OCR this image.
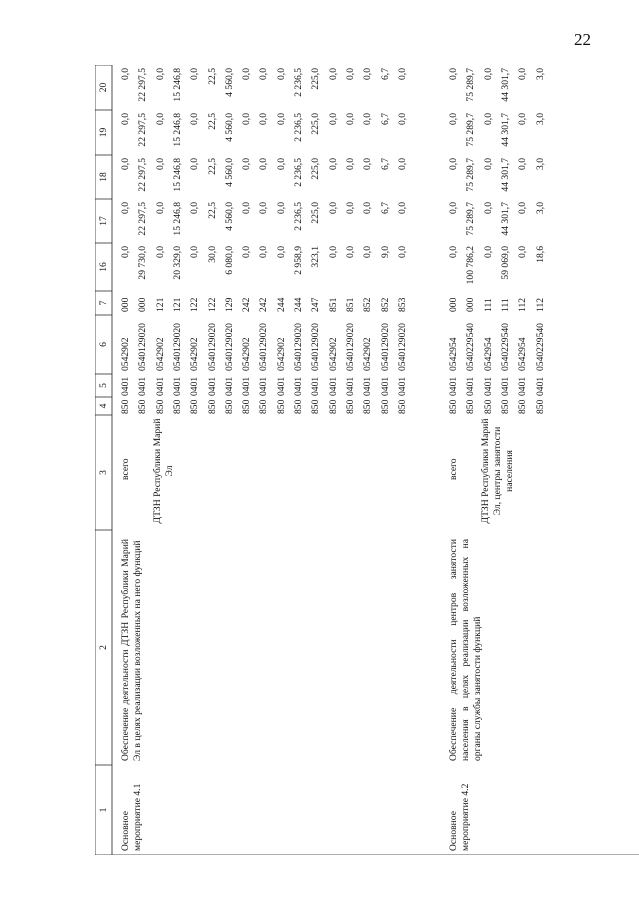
22
1
2
3
4
5
6
7
16
17
18
19
20
Основное мероприятие 4.1
Обеспечение деятельности ДТЗН Республики Марий Эл в целях реализации возложенных на него функций
всего ДТЗН Республики Марий Эл
850
0401
0542902
000
0,0
0,0
0,0
0,0
0,0
850
0401
0540129020
000
29 730,0
22 297,5
22 297,5
22 297,5
22 297,5
850
0401
0542902
121
0,0
0,0
0,0
0,0
0,0
850
0401
0540129020
121
20 329,0
15 246,8
15 246,8
15 246,8
15 246,8
850
0401
0542902
122
0,0
0,0
0,0
0,0
0,0
850
0401
0540129020
122
30,0
22,5
22,5
22,5
22,5
850
0401
0540129020
129
6 080,0
4 560,0
4 560,0
4 560,0
4 560,0
850
0401
0542902
242
0,0
0,0
0,0
0,0
0,0
850
0401
0540129020
242
0,0
0,0
0,0
0,0
0,0
850
0401
0542902
244
0,0
0,0
0,0
0,0
0,0
850
0401
0540129020
244
2 958,9
2 236,5
2 236,5
2 236,5
2 236,5
850
0401
0540129020
247
323,1
225,0
225,0
225,0
225,0
850
0401
0542902
851
0,0
0,0
0,0
0,0
0,0
850
0401
0540129020
851
0,0
0,0
0,0
0,0
0,0
850
0401
0542902
852
0,0
0,0
0,0
0,0
0,0
850
0401
0540129020
852
9,0
6,7
6,7
6,7
6,7
850
0401
0540129020
853
0,0
0,0
0,0
0,0
0,0
Основное мероприятие 4.2
Обеспечение деятельности центров занятости населения в целях реализации возложенных на органы службы занятости функций
всего ДТЗН Республики Марий Эл, центры занятости населения
850
0401
0542954
000
0,0
0,0
0,0
0,0
0,0
850
0401
0540229540
000
100 786,2
75 289,7
75 289,7
75 289,7
75 289,7
850
0401
0542954
111
0,0
0,0
0,0
0,0
0,0
850
0401
0540229540
111
59 069,0
44 301,7
44 301,7
44 301,7
44 301,7
850
0401
0542954
112
0,0
0,0
0,0
0,0
0,0
850
0401
0540229540
112
18,6
3,0
3,0
3,0
3,0
